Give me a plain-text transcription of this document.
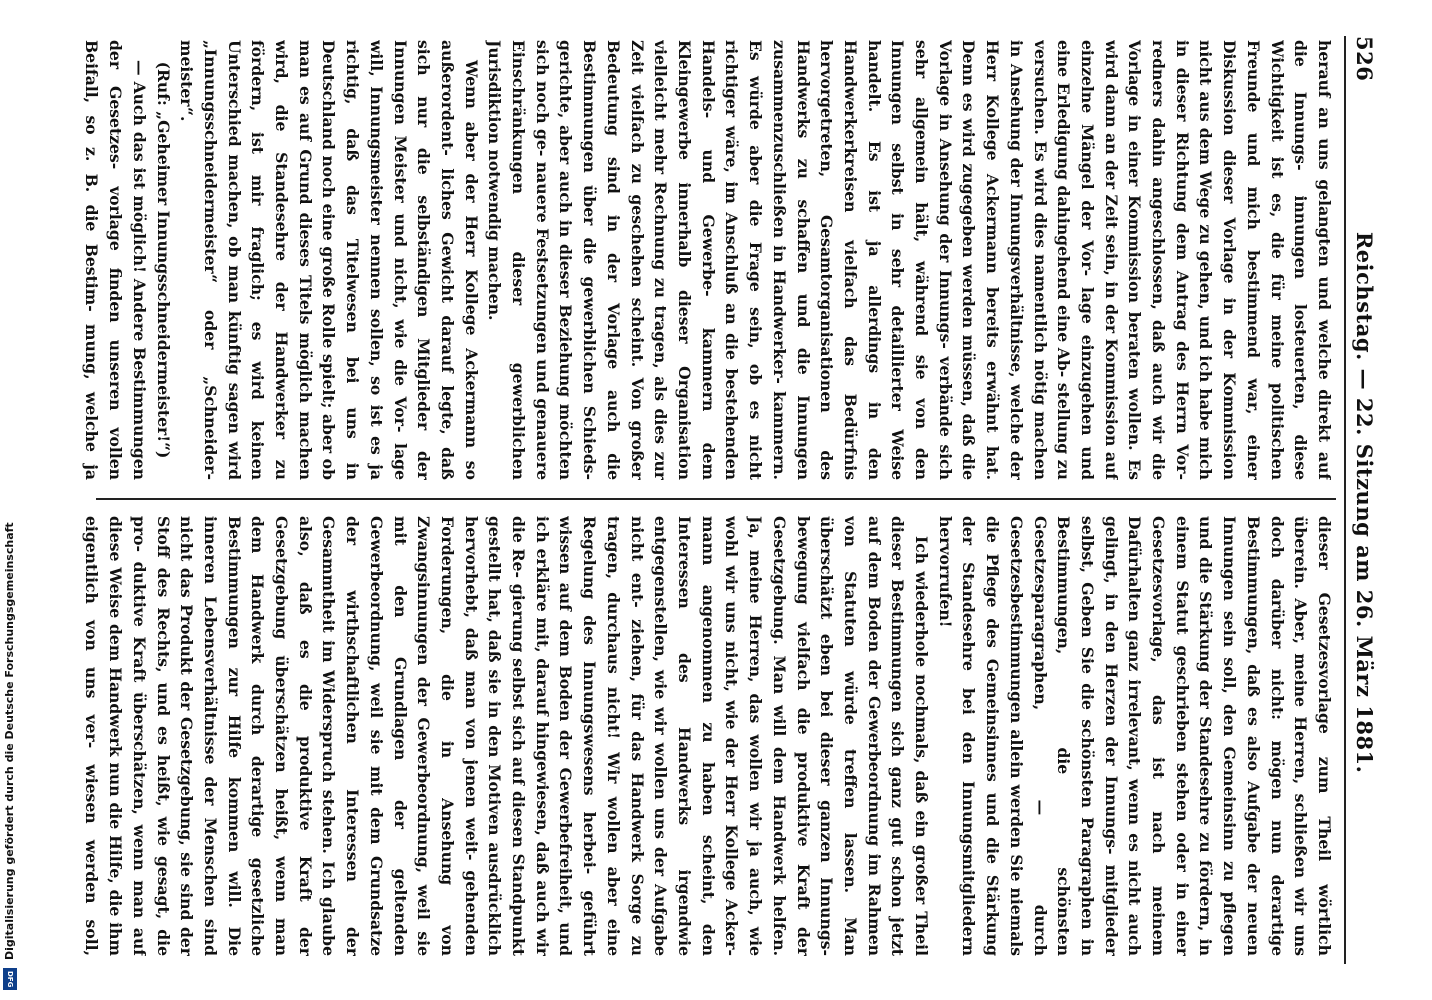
DFG
Digitalisierung gefördert durch die Deutsche Forschungsgemeinschaft
526
Reichstag. — 22. Sitzung am 26. März 1881.

herauf an uns gelangten und welche direkt auf die Innungs- innungen losteuerten, diese Wichtigkeit ist es, die für meine politischen Freunde und mich bestimmend war, einer Diskussion dieser Vorlage in der Kommission nicht aus dem Wege zu gehen, und ich habe mich in dieser Richtung dem Antrag des Herrn Vor- redners dahin angeschlossen, daß auch wir die Vorlage in einer Kommission beraten wollen. Es wird dann an der Zeit sein, in der Kommission auf einzelne Mängel der Vor- lage einzugehen und eine Erledigung dahingehend eine Ab- stellung zu versuchen. Es wird dies namentlich nötig machen in Ansehung der Innungsverhältnisse, welche der Herr Kollege Ackermann bereits erwähnt hat. Denn es wird zugegeben werden müssen, daß die Vorlage in Ansehung der Innungs- verbände sich sehr allgemein hält, während sie von den Innungen selbst in sehr detaillierter Weise handelt. Es ist ja allerdings in den Handwerkerkreisen vielfach das Bedürfnis hervorgetreten, Gesamtorganisationen des Handwerks zu schaffen und die Innungen zusammenzuschließen in Handwerker- kammern. Es würde aber die Frage sein, ob es nicht richtiger wäre, im Anschluß an die bestehenden Handels- und Gewerbe- kammern dem Kleingewerbe innerhalb dieser Organisation vielleicht mehr Rechnung zu tragen, als dies zur Zeit vielfach zu geschehen scheint. Von großer Bedeutung sind in der Vorlage auch die Bestimmungen über die gewerblichen Schieds- gerichte, aber auch in dieser Beziehung möchten sich noch ge- nauere Festsetzungen und genauere Einschränkungen dieser gewerblichen Jurisdiktion notwendig machen.

Wenn aber der Herr Kollege Ackermann so außerordent- liches Gewicht darauf legte, daß sich nur die selbständigen Mitglieder der Innungen Meister und nicht, wie die Vor- lage will, Innungsmeister nennen sollen, so ist es ja richtig, daß das Titelwesen bei uns in Deutschland noch eine große Rolle spielt; aber ob man es auf Grund dieses Titels möglich machen wird, die Standesehre der Handwerker zu fördern, ist mir fraglich; es wird keinen Unterschied machen, ob man künftig sagen wird „Innungsschneidermeister“ oder „Schneider- meister“.

(Ruf: „Geheimer Innungsschneidermeister!“)

— Auch das ist möglich! Andere Bestimmungen der Gesetzes- vorlage finden unseren vollen Beifall, so z. B. die Bestim- mung, welche ja

dieser Gesetzesvorlage zum Theil wörtlich überein. Aber, meine Herren, schließen wir uns doch darüber nicht: mögen nun derartige Bestimmungen, daß es also Aufgabe der neuen Innungen sein soll, den Gemeinsinn zu pflegen und die Stärkung der Standesehre zu fördern, in einem Statut geschrieben stehen oder in einer Gesetzesvorlage, das ist nach meinem Dafürhalten ganz irrelevant, wenn es nicht auch gelingt, in den Herzen der Innungs- mitglieder selbst, Geben Sie die schönsten Paragraphen in Bestimmungen, die schönsten Gesetzesparagraphen, — durch Gesetzesbestimmungen allein werden Sie niemals die Pflege des Gemeinsinnes und die Stärkung der Standesehre bei den Innungsmitgliedern hervorrufen!

Ich wiederhole nochmals, daß ein großer Theil dieser Bestimmungen sich ganz gut schon jetzt auf dem Boden der Gewerbeordnung im Rahmen von Statuten würde treffen lassen. Man überschätzt eben bei dieser ganzen Innungs- bewegung vielfach die produktive Kraft der Gesetzgebung. Man will dem Handwerk helfen. Ja, meine Herren, das wollen wir ja auch, wie wohl wir uns nicht, wie der Herr Kollege Acker- mann angenommen zu haben scheint, den Interessen des Handwerks irgendwie entgegenstellen, wie wir wollen uns der Aufgabe nicht ent- ziehen, für das Handwerk Sorge zu tragen, durchaus nicht! Wir wollen aber eine Regelung des Innungswesens herbei- geführt wissen auf dem Boden der Gewerbefreiheit, und ich erkläre mit, darauf hingewiesen, daß auch wir die Re- gierung selbst sich auf diesen Standpunkt gestellt hat, daß sie in den Motiven ausdrücklich hervorhebt, daß man von jenen weit- gehenden Forderungen, die in Ansehung von Zwangsinnungen der Gewerbeordnung, weil sie mit den Grundlagen der geltenden Gewerbeordnung, weil sie mit dem Grundsatze der wirthschaftlichen Interessen der Gesammtheit im Widerspruch stehen. Ich glaube also, daß es die produktive Kraft der Gesetzgebung überschätzen heißt, wenn man dem Handwerk durch derartige gesetzliche Bestimmungen zur Hilfe kommen will. Die inneren Lebensverhältnisse der Menschen sind nicht das Produkt der Gesetzgebung, sie sind der Stoff des Rechts, und es heißt, wie gesagt, die pro- duktive Kraft überschätzen, wenn man auf diese Weise dem Handwerk nun die Hilfe, die ihm eigentlich von uns ver- wiesen werden soll,
